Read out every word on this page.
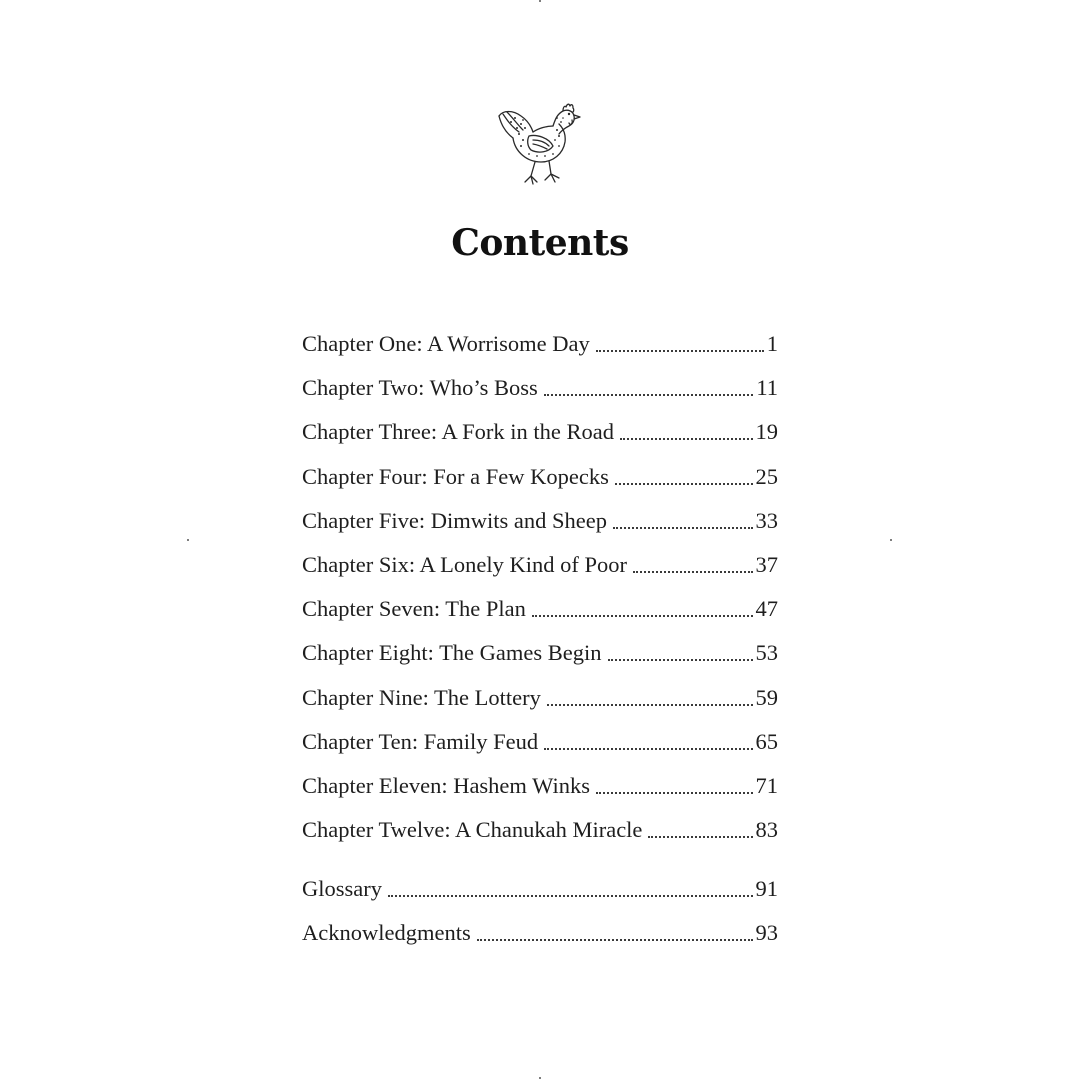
Contents
Chapter One: A Worrisome Day	1
Chapter Two: Who’s Boss	11
Chapter Three: A Fork in the Road	19
Chapter Four: For a Few Kopecks	25
Chapter Five: Dimwits and Sheep	33
Chapter Six: A Lonely Kind of Poor	37
Chapter Seven: The Plan	47
Chapter Eight: The Games Begin	53
Chapter Nine: The Lottery	59
Chapter Ten: Family Feud	65
Chapter Eleven: Hashem Winks	71
Chapter Twelve: A Chanukah Miracle	83
Glossary	91
Acknowledgments	93
